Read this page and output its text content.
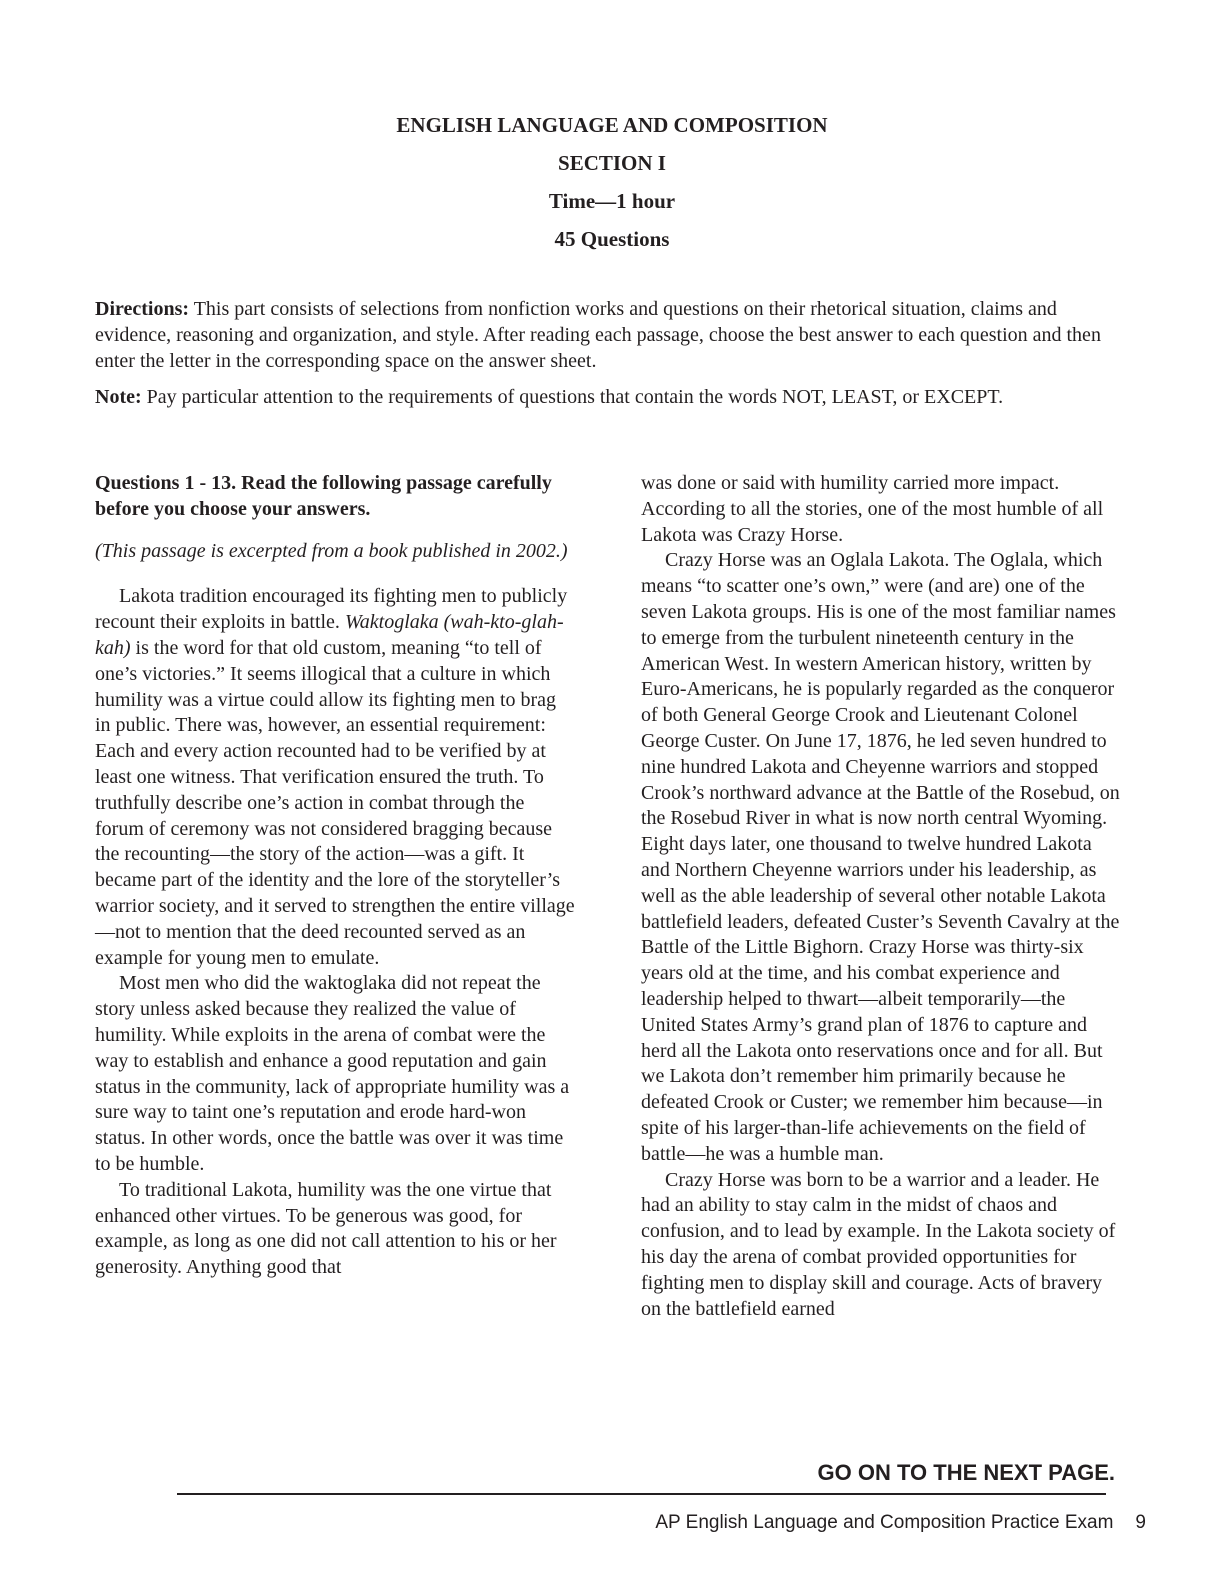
ENGLISH LANGUAGE AND COMPOSITION
SECTION I
Time—1 hour
45 Questions

Directions: This part consists of selections from nonfiction works and questions on their rhetorical situation, claims and evidence, reasoning and organization, and style. After reading each passage, choose the best answer to each question and then enter the letter in the corresponding space on the answer sheet.

Note: Pay particular attention to the requirements of questions that contain the words NOT, LEAST, or EXCEPT.

Questions 1 - 13. Read the following passage carefully before you choose your answers.

(This passage is excerpted from a book published in 2002.)

Lakota tradition encouraged its fighting men to publicly recount their exploits in battle. Waktoglaka (wah-kto-glah-kah) is the word for that old custom, meaning “to tell of one’s victories.” It seems illogical that a culture in which humility was a virtue could allow its fighting men to brag in public. There was, however, an essential requirement: Each and every action recounted had to be verified by at least one witness. That verification ensured the truth. To truthfully describe one’s action in combat through the forum of ceremony was not considered bragging because the recounting—the story of the action—was a gift. It became part of the identity and the lore of the storyteller’s warrior society, and it served to strengthen the entire village—not to mention that the deed recounted served as an example for young men to emulate.

Most men who did the waktoglaka did not repeat the story unless asked because they realized the value of humility. While exploits in the arena of combat were the way to establish and enhance a good reputation and gain status in the community, lack of appropriate humility was a sure way to taint one’s reputation and erode hard-won status. In other words, once the battle was over it was time to be humble.

To traditional Lakota, humility was the one virtue that enhanced other virtues. To be generous was good, for example, as long as one did not call attention to his or her generosity. Anything good that

was done or said with humility carried more impact. According to all the stories, one of the most humble of all Lakota was Crazy Horse.

Crazy Horse was an Oglala Lakota. The Oglala, which means “to scatter one’s own,” were (and are) one of the seven Lakota groups. His is one of the most familiar names to emerge from the turbulent nineteenth century in the American West. In western American history, written by Euro-Americans, he is popularly regarded as the conqueror of both General George Crook and Lieutenant Colonel George Custer. On June 17, 1876, he led seven hundred to nine hundred Lakota and Cheyenne warriors and stopped Crook’s northward advance at the Battle of the Rosebud, on the Rosebud River in what is now north central Wyoming. Eight days later, one thousand to twelve hundred Lakota and Northern Cheyenne warriors under his leadership, as well as the able leadership of several other notable Lakota battlefield leaders, defeated Custer’s Seventh Cavalry at the Battle of the Little Bighorn. Crazy Horse was thirty-six years old at the time, and his combat experience and leadership helped to thwart—albeit temporarily—the United States Army’s grand plan of 1876 to capture and herd all the Lakota onto reservations once and for all. But we Lakota don’t remember him primarily because he defeated Crook or Custer; we remember him because—in spite of his larger-than-life achievements on the field of battle—he was a humble man.

Crazy Horse was born to be a warrior and a leader. He had an ability to stay calm in the midst of chaos and confusion, and to lead by example. In the Lakota society of his day the arena of combat provided opportunities for fighting men to display skill and courage. Acts of bravery on the battlefield earned

GO ON TO THE NEXT PAGE.
AP English Language and Composition Practice Exam 9
